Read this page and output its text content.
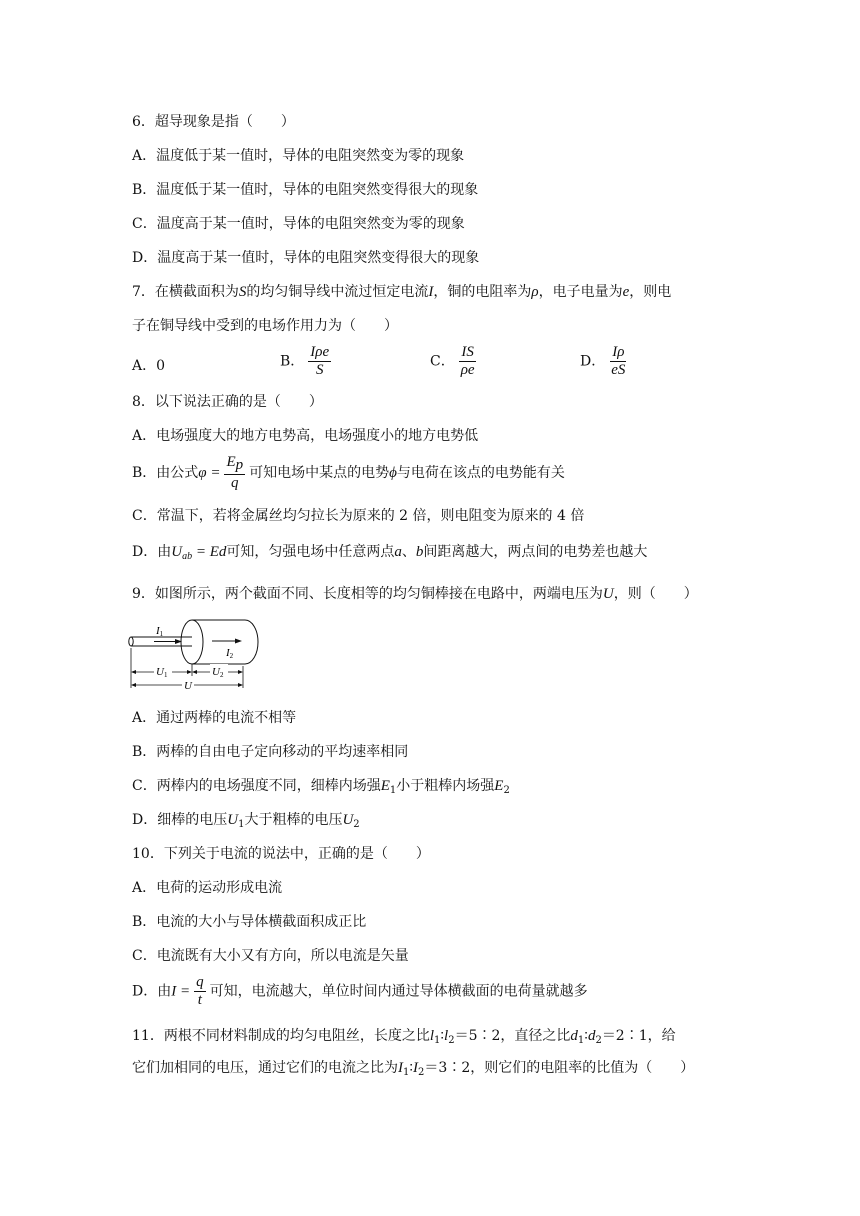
6．超导现象是指（　　）
A．温度低于某一值时，导体的电阻突然变为零的现象
B．温度低于某一值时，导体的电阻突然变得很大的现象
C．温度高于某一值时，导体的电阻突然变为零的现象
D．温度高于某一值时，导体的电阻突然变得很大的现象
7．在横截面积为S的均匀铜导线中流过恒定电流I，铜的电阻率为ρ，电子电量为e，则电
子在铜导线中受到的电场作用力为（　　）
A．0	B． $\frac{\text{Iρe}}{S}$	C． $\frac{IS}{\rho e}$	D． $\frac{I\rho}{eS}$
8．以下说法正确的是（　　）
A．电场强度大的地方电势高，电场强度小的地方电势低
B．由公式$\varphi = \frac{Ep}{q}$ 可知电场中某点的电势ϕ与电荷在该点的电势能有关
C．常温下，若将金属丝均匀拉长为原来的 2 倍，则电阻变为原来的 4 倍
D．由$U_{ab} = Ed$可知，匀强电场中任意两点a、b间距离越大，两点间的电势差也越大
9．如图所示，两个截面不同、长度相等的均匀铜棒接在电路中，两端电压为U，则（　　）
I1
I2
U1	U2
U
A．通过两棒的电流不相等
B．两棒的自由电子定向移动的平均速率相同
C．两棒内的电场强度不同，细棒内场强$E_1$小于粗棒内场强$E_2$
D．细棒的电压$U_1$大于粗棒的电压$U_2$
10．下列关于电流的说法中，正确的是（　　）
A．电荷的运动形成电流
B．电流的大小与导体横截面积成正比
C．电流既有大小又有方向，所以电流是矢量
D．由$I = \frac{q}{t}$ 可知，电流越大，单位时间内通过导体横截面的电荷量就越多
11．两根不同材料制成的均匀电阻丝，长度之比$l_1∶l_2=5∶2$，直径之比$d_1∶d_2=2∶1$，给
它们加相同的电压，通过它们的电流之比为$I_1∶I_2=3∶2$，则它们的电阻率的比值为（　　）
